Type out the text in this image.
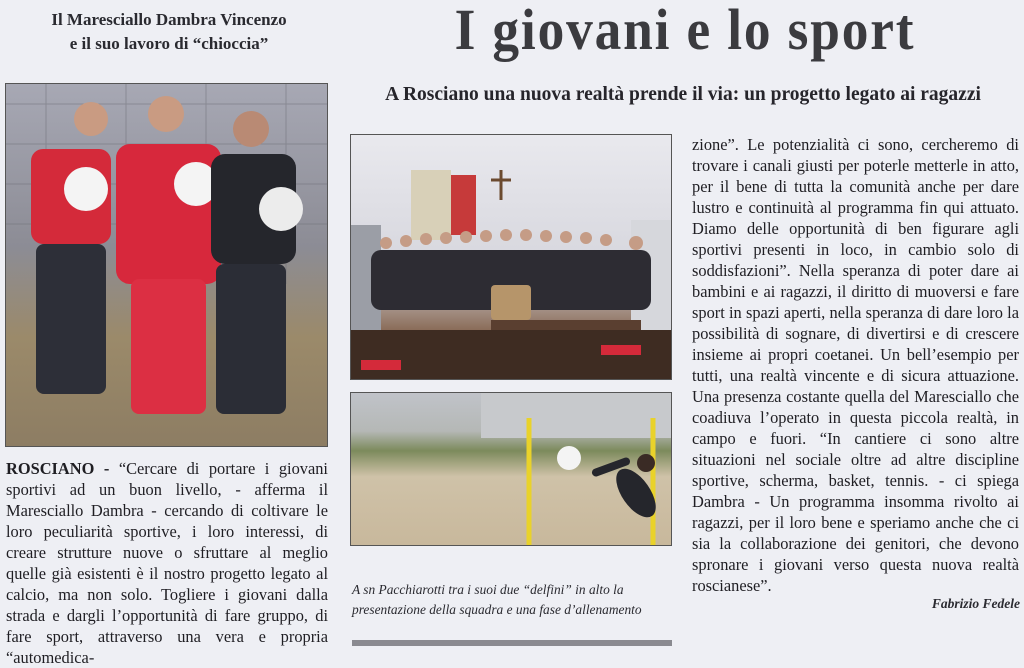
Il Maresciallo Dambra Vincenzo
e il suo lavoro di “chioccia”	I giovani e lo sport
A Rosciano una nuova realtà prende il via: un progetto legato ai ragazzi
ROSCIANO - “Cercare di portare i giovani sportivi ad un buon livello, - afferma il Maresciallo Dambra - cercando di coltivare le loro peculiarità sportive, i loro interessi, di creare strutture nuove o sfruttare al meglio quelle già esistenti è il nostro progetto legato al calcio, ma non solo. Togliere i giovani dalla strada e dargli l’opportunità di fare gruppo, di fare sport, attraverso una vera e propria “automedica-
zione”. Le potenzialità ci sono, cercheremo di trovare i canali giusti per poterle metterle in atto, per il bene di tutta la comunità anche per dare lustro e continuità al programma fin qui attuato. Diamo delle opportunità di ben figurare agli sportivi presenti in loco, in cambio solo di soddisfazioni”. Nella speranza di poter dare ai bambini e ai ragazzi, il diritto di muoversi e fare sport in spazi aperti, nella speranza di dare loro la possibilità di sognare, di divertirsi e di crescere insieme ai propri coetanei. Un bell’esempio per tutti, una realtà vincente e di sicura attuazione. Una presenza costante quella del Maresciallo che coadiuva l’operato in questa piccola realtà, in campo e fuori. “In cantiere ci sono altre situazioni nel sociale oltre ad altre discipline sportive, scherma, basket, tennis. - ci spiega Dambra - Un programma insomma rivolto ai ragazzi, per il loro bene e speriamo anche che ci sia la collaborazione dei genitori, che devono spronare i giovani verso questa nuova realtà roscianese”.
A sn Pacchiarotti tra i suoi due “delfini” in alto la presentazione della squadra e una fase d’allenamento	Fabrizio Fedele
